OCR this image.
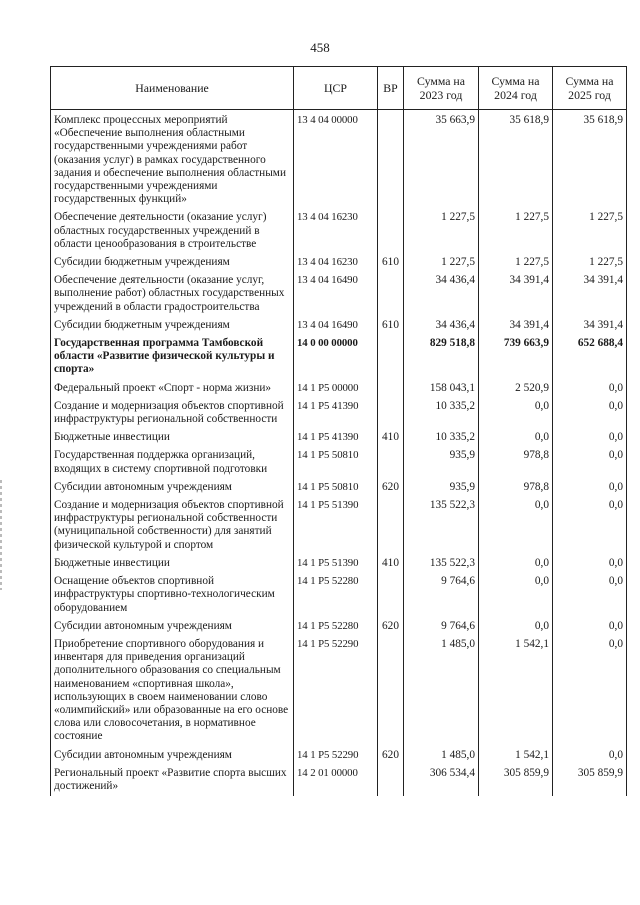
458
Наименование	ЦСР	ВР	Сумма на 2023 год	Сумма на 2024 год	Сумма на 2025 год
Комплекс процессных мероприятий «Обеспечение выполнения областными государственными учреждениями работ (оказания услуг) в рамках государственного задания и обеспечение выполнения областными государственными учреждениями государственных функций»	13 4 04 00000		35 663,9	35 618,9	35 618,9
Обеспечение деятельности (оказание услуг) областных государственных учреждений в области ценообразования в строительстве	13 4 04 16230		1 227,5	1 227,5	1 227,5
Субсидии бюджетным учреждениям	13 4 04 16230	610	1 227,5	1 227,5	1 227,5
Обеспечение деятельности (оказание услуг, выполнение работ) областных государственных учреждений в области градостроительства	13 4 04 16490		34 436,4	34 391,4	34 391,4
Субсидии бюджетным учреждениям	13 4 04 16490	610	34 436,4	34 391,4	34 391,4
Государственная программа Тамбовской области «Развитие физической культуры и спорта»	14 0 00 00000		829 518,8	739 663,9	652 688,4
Федеральный проект «Спорт - норма жизни»	14 1 Р5 00000		158 043,1	2 520,9	0,0
Создание и модернизация объектов спортивной инфраструктуры региональной собственности	14 1 Р5 41390		10 335,2	0,0	0,0
Бюджетные инвестиции	14 1 Р5 41390	410	10 335,2	0,0	0,0
Государственная поддержка организаций, входящих в систему спортивной подготовки	14 1 Р5 50810		935,9	978,8	0,0
Субсидии автономным учреждениям	14 1 Р5 50810	620	935,9	978,8	0,0
Создание и модернизация объектов спортивной инфраструктуры региональной собственности (муниципальной собственности) для занятий физической культурой и спортом	14 1 Р5 51390		135 522,3	0,0	0,0
Бюджетные инвестиции	14 1 Р5 51390	410	135 522,3	0,0	0,0
Оснащение объектов спортивной инфраструктуры спортивно-технологическим оборудованием	14 1 Р5 52280		9 764,6	0,0	0,0
Субсидии автономным учреждениям	14 1 Р5 52280	620	9 764,6	0,0	0,0
Приобретение спортивного оборудования и инвентаря для приведения организаций дополнительного образования со специальным наименованием «спортивная школа», использующих в своем наименовании слово «олимпийский» или образованные на его основе слова или словосочетания, в нормативное состояние	14 1 Р5 52290		1 485,0	1 542,1	0,0
Субсидии автономным учреждениям	14 1 Р5 52290	620	1 485,0	1 542,1	0,0
Региональный проект «Развитие спорта высших достижений»	14 2 01 00000		306 534,4	305 859,9	305 859,9
